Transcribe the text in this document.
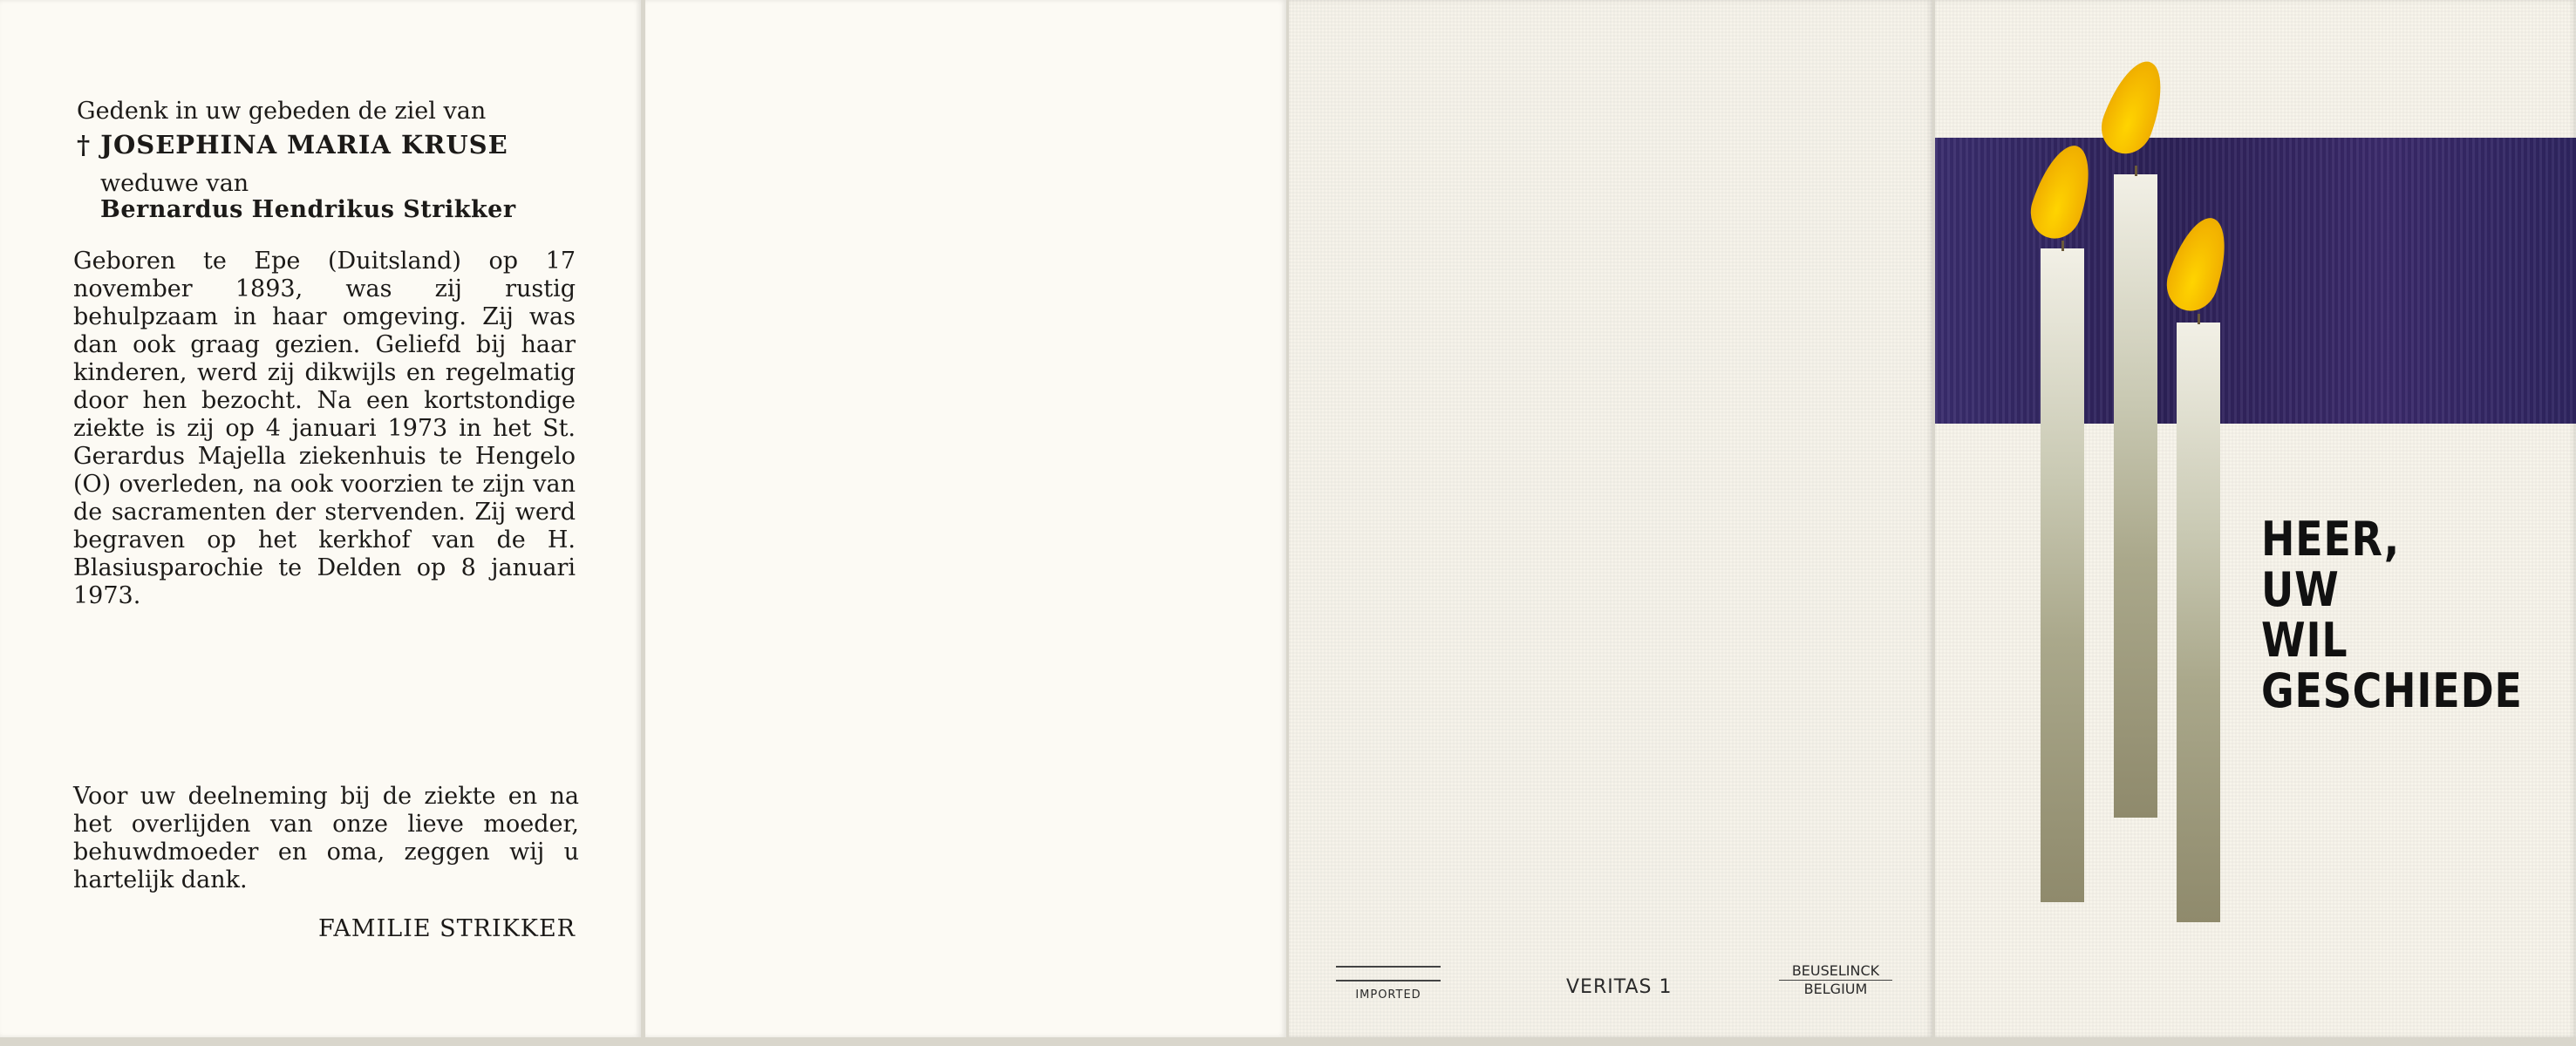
Gedenk in uw gebeden de ziel van
† JOSEPHINA MARIA KRUSE
weduwe van
Bernardus Hendrikus Strikker
Geboren te Epe (Duitsland) op 17 november 1893, was zij rustig behulpzaam in haar omgeving. Zij was dan ook graag gezien. Geliefd bij haar kinderen, werd zij dikwijls en regelmatig door hen bezocht. Na een kortstondige ziekte is zij op 4 januari 1973 in het St. Gerardus Majella ziekenhuis te Hengelo (O) overleden, na ook voorzien te zijn van de sacramenten der stervenden. Zij werd begraven op het kerkhof van de H. Blasiusparochie te Delden op 8 januari 1973.
Voor uw deelneming bij de ziekte en na het overlijden van onze lieve moeder, behuwdmoeder en oma, zeggen wij u hartelijk dank.
FAMILIE STRIKKER

IMPORTED	VERITAS 1
BEUSELINCK
BELGIUM
HEER,
UW
WIL
GESCHIEDE
